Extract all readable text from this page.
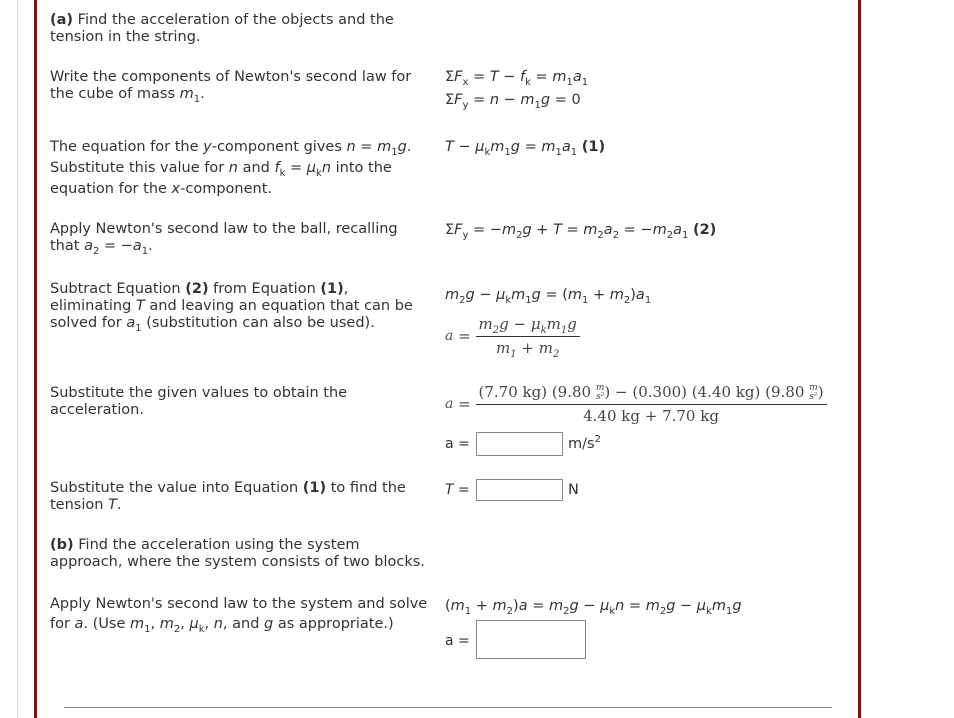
(a) Find the acceleration of the objects and the tension in the string.
Write the components of Newton's second law for the cube of mass $m_1$.
$\Sigma F_x = T - f_k = m_1a_1$
$\Sigma F_y = n - m_1g = 0$
The equation for the y-component gives $n = m_1g$.
Substitute this value for n and $f_k = \mu_kn$ into the
equation for the x-component.
$T - \mu_km_1g = m_1a_1$ (1)
Apply Newton's second law to the ball, recalling
that $a_2 = -a_1$.
$\Sigma F_y = -m_2g + T = m_2a_2 = -m_2a_1$ (2)
Subtract Equation (2) from Equation (1),
eliminating T and leaving an equation that can be
solved for $a_1$ (substitution can also be used).
$m_2g - \mu_km_1g = (m_1 + m_2)a_1$
$a = \frac{m_2g - \mu_km_1g}{m_1 + m_2}$
Substitute the given values to obtain the
acceleration.	a =
(7.70 kg) (9.80 m
s²) − (0.300) (4.40 kg) (9.80 m
s²)
4.40 kg + 7.70 kg
a =	$m/s^2$
Substitute the value into Equation (1) to find the
tension T.
T =	N
(b) Find the acceleration using the system
approach, where the system consists of two blocks.
Apply Newton's second law to the system and solve
for a. (Use $m_1$, $m_2$, $\mu_k$, n, and g as appropriate.)
$(m_1 + m_2)a = m_2g - \mu_kn = m_2g - \mu_km_1g$
a =
